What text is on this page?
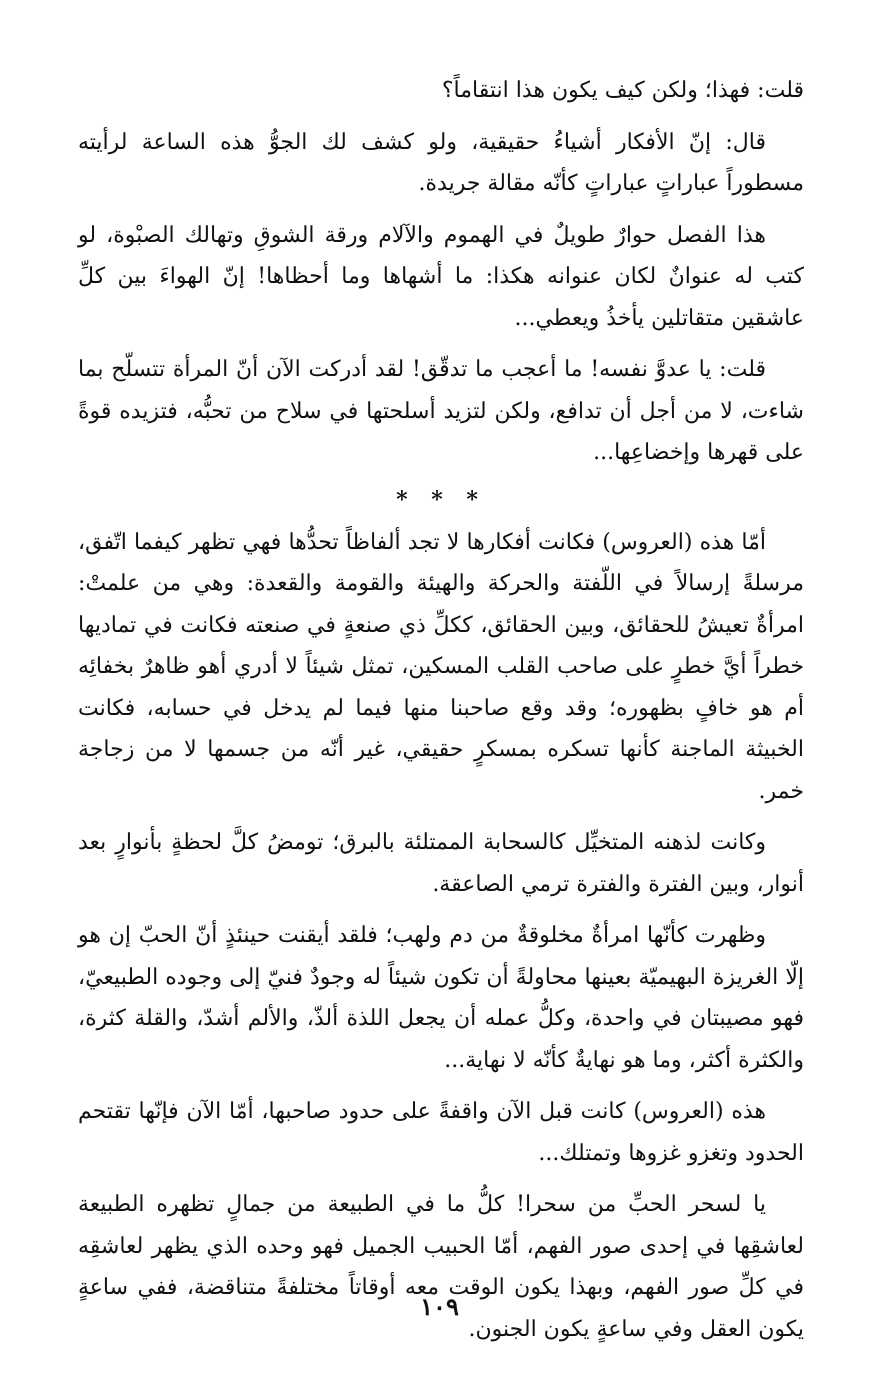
قلت: فهذا؛ ولكن كيف يكون هذا انتقاماً؟

قال: إنّ الأفكار أشياءُ حقيقية، ولو كشف لك الجوُّ هذه الساعة لرأيته مسطوراً عباراتٍ عباراتٍ كأنّه مقالة جريدة.

هذا الفصل حوارٌ طويلٌ في الهموم والآلام ورقة الشوقِ وتهالك الصبْوة، لو كتب له عنوانٌ لكان عنوانه هكذا: ما أشهاها وما أحظاها! إنّ الهواءَ بين كلِّ عاشقين متقاتلين يأخذُ ويعطي...

قلت: يا عدوَّ نفسه! ما أعجب ما تدقّق! لقد أدركت الآن أنّ المرأة تتسلّح بما شاءت، لا من أجل أن تدافع، ولكن لتزيد أسلحتها في سلاح من تحبُّه، فتزيده قوةً على قهرها وإخضاعِها...

* * *

أمّا هذه (العروس) فكانت أفكارها لا تجد ألفاظاً تحدُّها فهي تظهر كيفما اتّفق، مرسلةً إرسالاً في اللّفتة والحركة والهيئة والقومة والقعدة: وهي من علمتْ: امرأةٌ تعيشُ للحقائق، وبين الحقائق، ككلِّ ذي صنعةٍ في صنعته فكانت في تماديها خطراً أيَّ خطرٍ على صاحب القلب المسكين، تمثل شيئاً لا أدري أهو ظاهرٌ بخفائِه أم هو خافٍ بظهوره؛ وقد وقع صاحبنا منها فيما لم يدخل في حسابه، فكانت الخبيثة الماجنة كأنها تسكره بمسكرٍ حقيقي، غير أنّه من جسمها لا من زجاجة خمر.

وكانت لذهنه المتخيِّل كالسحابة الممتلئة بالبرق؛ تومضُ كلَّ لحظةٍ بأنوارٍ بعد أنوار، وبين الفترة والفترة ترمي الصاعقة.

وظهرت كأنّها امرأةٌ مخلوقةٌ من دم ولهب؛ فلقد أيقنت حينئذٍ أنّ الحبّ إن هو إلّا الغريزة البهيميّة بعينها محاولةً أن تكون شيئاً له وجودٌ فنيّ إلى وجوده الطبيعيّ، فهو مصيبتان في واحدة، وكلُّ عمله أن يجعل اللذة ألذّ، والألم أشدّ، والقلة كثرة، والكثرة أكثر، وما هو نهايةٌ كأنّه لا نهاية...

هذه (العروس) كانت قبل الآن واقفةً على حدود صاحبها، أمّا الآن فإنّها تقتحم الحدود وتغزو غزوها وتمتلك...

يا لسحر الحبِّ من سحرا! كلُّ ما في الطبيعة من جمالٍ تظهره الطبيعة لعاشقِها في إحدى صور الفهم، أمّا الحبيب الجميل فهو وحده الذي يظهر لعاشقِه في كلِّ صور الفهم، وبهذا يكون الوقت معه أوقاتاً مختلفةً متناقضة، ففي ساعةٍ يكون العقل وفي ساعةٍ يكون الجنون.

١٠٩
